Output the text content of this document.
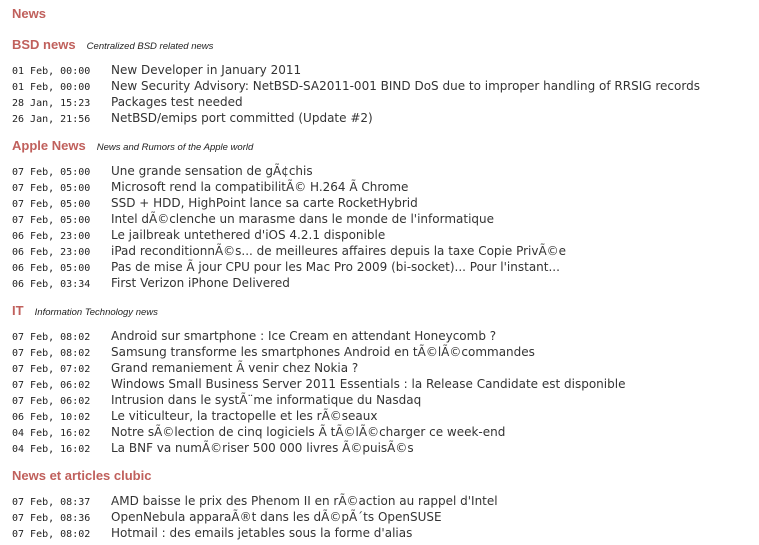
News
BSD news Centralized BSD related news
01 Feb, 00:00 New Developer in January 2011
01 Feb, 00:00 New Security Advisory: NetBSD-SA2011-001 BIND DoS due to improper handling of RRSIG records
28 Jan, 15:23 Packages test needed
26 Jan, 21:56 NetBSD/emips port committed (Update #2)
Apple News News and Rumors of the Apple world
07 Feb, 05:00 Une grande sensation de gÃ¢chis
07 Feb, 05:00 Microsoft rend la compatibilitÃ© H.264 Ã Chrome
07 Feb, 05:00 SSD + HDD, HighPoint lance sa carte RocketHybrid
07 Feb, 05:00 Intel dÃ©clenche un marasme dans le monde de l'informatique
06 Feb, 23:00 Le jailbreak untethered d'iOS 4.2.1 disponible
06 Feb, 23:00 iPad reconditionnÃ©s... de meilleures affaires depuis la taxe Copie PrivÃ©e
06 Feb, 05:00 Pas de mise Ã jour CPU pour les Mac Pro 2009 (bi-socket)... Pour l'instant...
06 Feb, 03:34 First Verizon iPhone Delivered
IT Information Technology news
07 Feb, 08:02 Android sur smartphone : Ice Cream en attendant Honeycomb ?
07 Feb, 08:02 Samsung transforme les smartphones Android en tÃ©lÃ©commandes
07 Feb, 07:02 Grand remaniement Ã venir chez Nokia ?
07 Feb, 06:02 Windows Small Business Server 2011 Essentials : la Release Candidate est disponible
07 Feb, 06:02 Intrusion dans le systÃ¨me informatique du Nasdaq
06 Feb, 10:02 Le viticulteur, la tractopelle et les rÃ©seaux
04 Feb, 16:02 Notre sÃ©lection de cinq logiciels Ã tÃ©lÃ©charger ce week-end
04 Feb, 16:02 La BNF va numÃ©riser 500 000 livres Ã©puisÃ©s
News et articles clubic
07 Feb, 08:37 AMD baisse le prix des Phenom II en rÃ©action au rappel d'Intel
07 Feb, 08:36 OpenNebula apparaÃ®t dans les dÃ©pÃ´ts OpenSUSE
07 Feb, 08:02 Hotmail : des emails jetables sous la forme d'alias
